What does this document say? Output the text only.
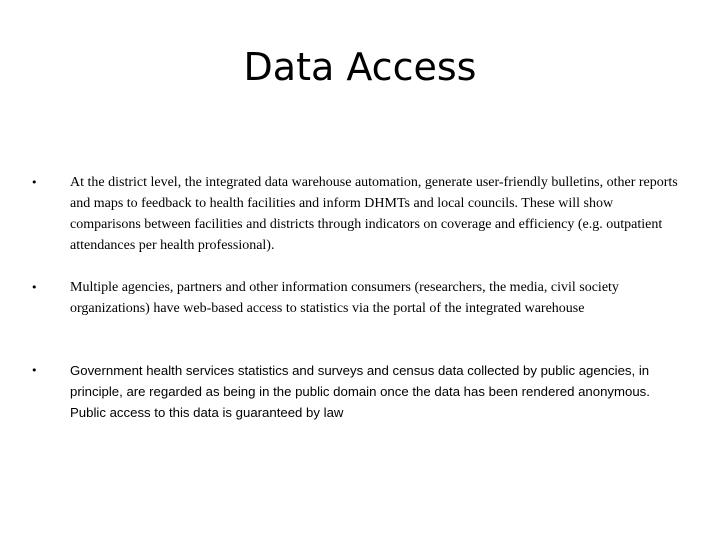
Data Access
• At the district level, the integrated data warehouse automation, generate user-friendly bulletins, other reports and maps to feedback to health facilities and inform DHMTs and local councils. These will show comparisons between facilities and districts through indicators on coverage and efficiency (e.g. outpatient attendances per health professional).

• Multiple agencies, partners and other information consumers (researchers, the media, civil society organizations) have web-based access to statistics via the portal of the integrated warehouse

• Government health services statistics and surveys and census data collected by public agencies, in principle, are regarded as being in the public domain once the data has been rendered anonymous. Public access to this data is guaranteed by law
